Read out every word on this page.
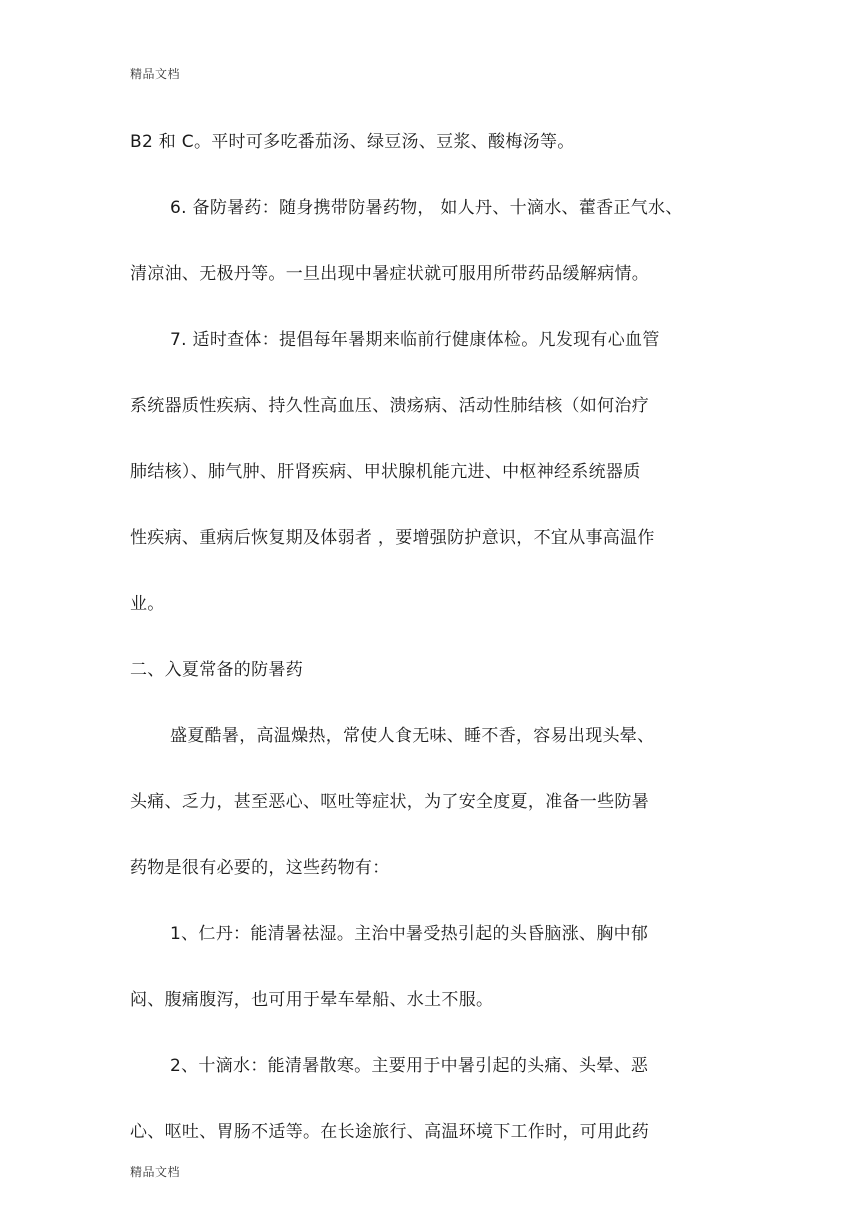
精品文档
B2 和 C。平时可多吃番茄汤、绿豆汤、豆浆、酸梅汤等。
6. 备防暑药：随身携带防暑药物， 如人丹、十滴水、藿香正气水、
清凉油、无极丹等。一旦出现中暑症状就可服用所带药品缓解病情。
7. 适时查体：提倡每年暑期来临前行健康体检。凡发现有心血管
系统器质性疾病、持久性高血压、溃疡病、活动性肺结核（如何治疗
肺结核）、肺气肿、肝肾疾病、甲状腺机能亢进、中枢神经系统器质
性疾病、重病后恢复期及体弱者 ，要增强防护意识，不宜从事高温作
业。
二、入夏常备的防暑药
盛夏酷暑，高温燥热，常使人食无味、睡不香，容易出现头晕、
头痛、乏力，甚至恶心、呕吐等症状，为了安全度夏，准备一些防暑
药物是很有必要的，这些药物有：
1、仁丹：能清暑祛湿。主治中暑受热引起的头昏脑涨、胸中郁
闷、腹痛腹泻，也可用于晕车晕船、水土不服。
2、十滴水：能清暑散寒。主要用于中暑引起的头痛、头晕、恶
心、呕吐、胃肠不适等。在长途旅行、高温环境下工作时，可用此药
精品文档
